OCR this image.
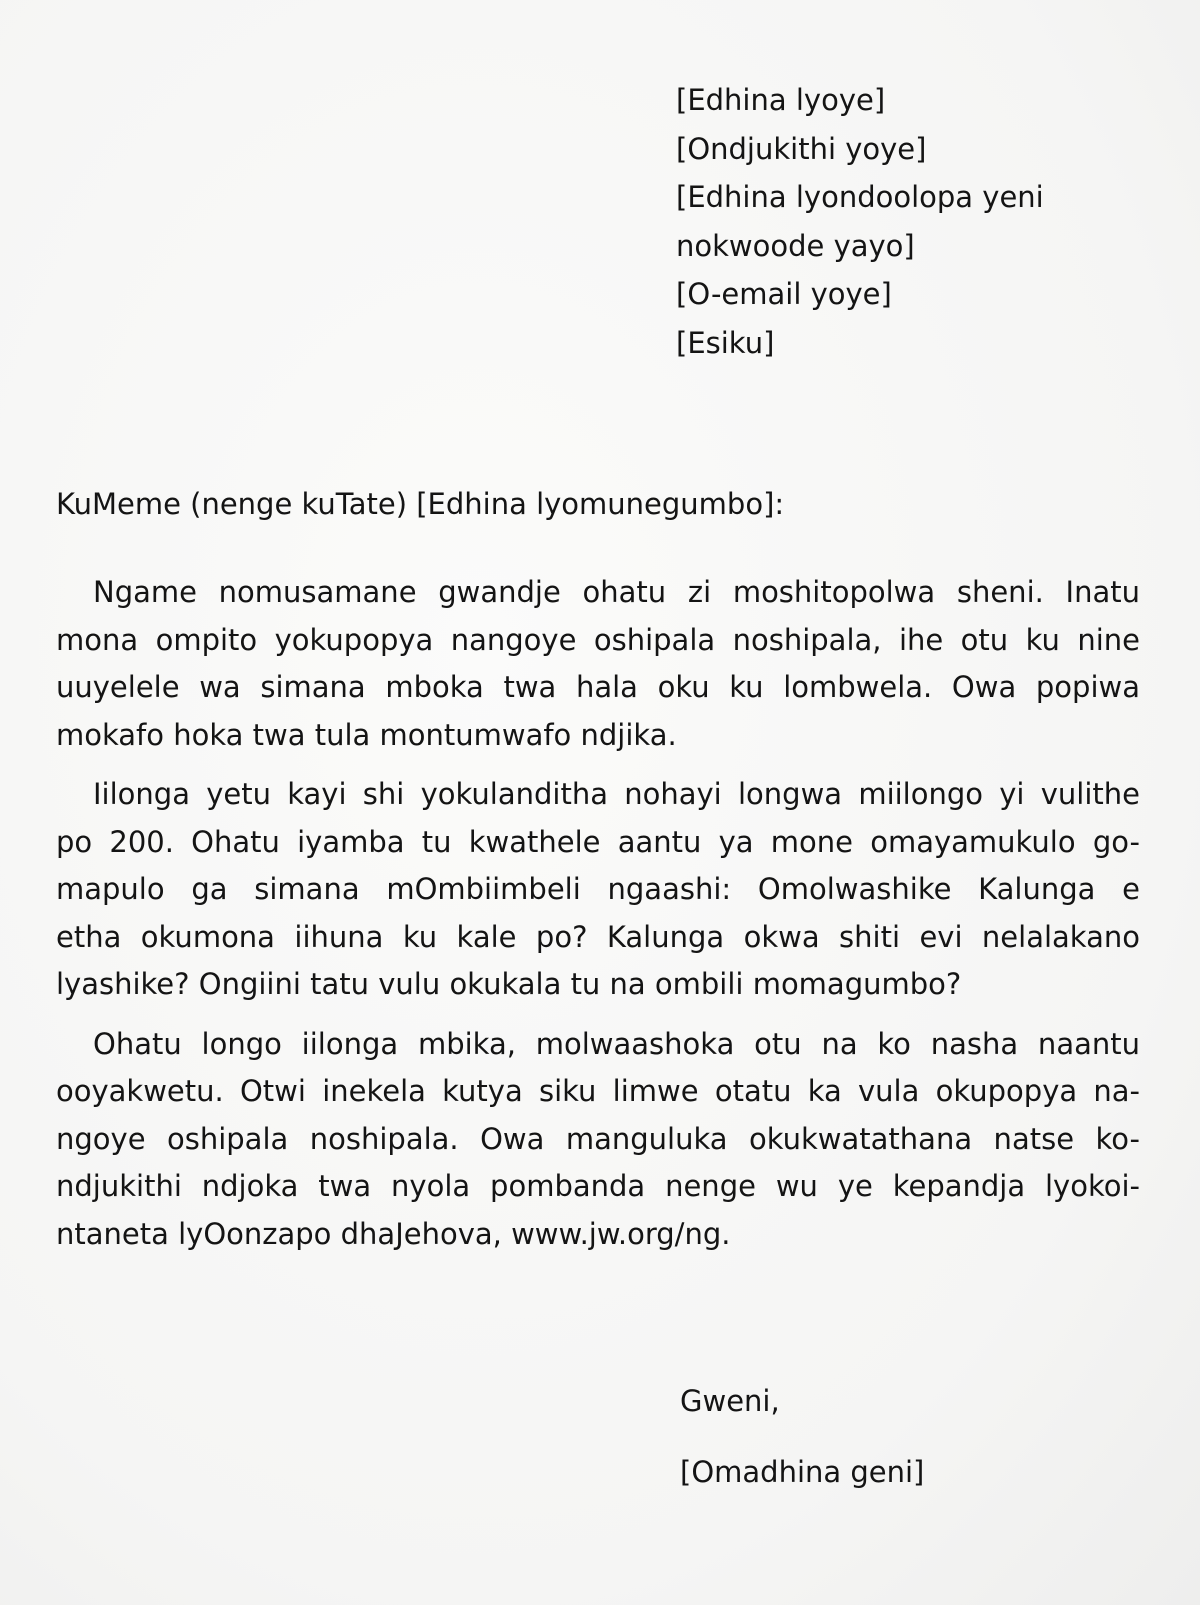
[Edhina lyoye]
[Ondjukithi yoye]
[Edhina lyondoolopa yeni
nokwoode yayo]
[O-email yoye]
[Esiku]
KuMeme (nenge kuTate) [Edhina lyomunegumbo]:
Ngame nomusamane gwandje ohatu zi moshitopolwa sheni. Inatu
mona ompito yokupopya nangoye oshipala noshipala, ihe otu ku nine
uuyelele wa simana mboka twa hala oku ku lombwela. Owa popiwa
mokafo hoka twa tula montumwafo ndjika.
Iilonga yetu kayi shi yokulanditha nohayi longwa miilongo yi vulithe
po 200. Ohatu iyamba tu kwathele aantu ya mone omayamukulo go-
mapulo ga simana mOmbiimbeli ngaashi: Omolwashike Kalunga e
etha okumona iihuna ku kale po? Kalunga okwa shiti evi nelalakano
lyashike? Ongiini tatu vulu okukala tu na ombili momagumbo?
Ohatu longo iilonga mbika, molwaashoka otu na ko nasha naantu
ooyakwetu. Otwi inekela kutya siku limwe otatu ka vula okupopya na-
ngoye oshipala noshipala. Owa manguluka okukwatathana natse ko-
ndjukithi ndjoka twa nyola pombanda nenge wu ye kepandja lyokoi-
ntaneta lyOonzapo dhaJehova, www.jw.org/ng.
Gweni,
[Omadhina geni]
